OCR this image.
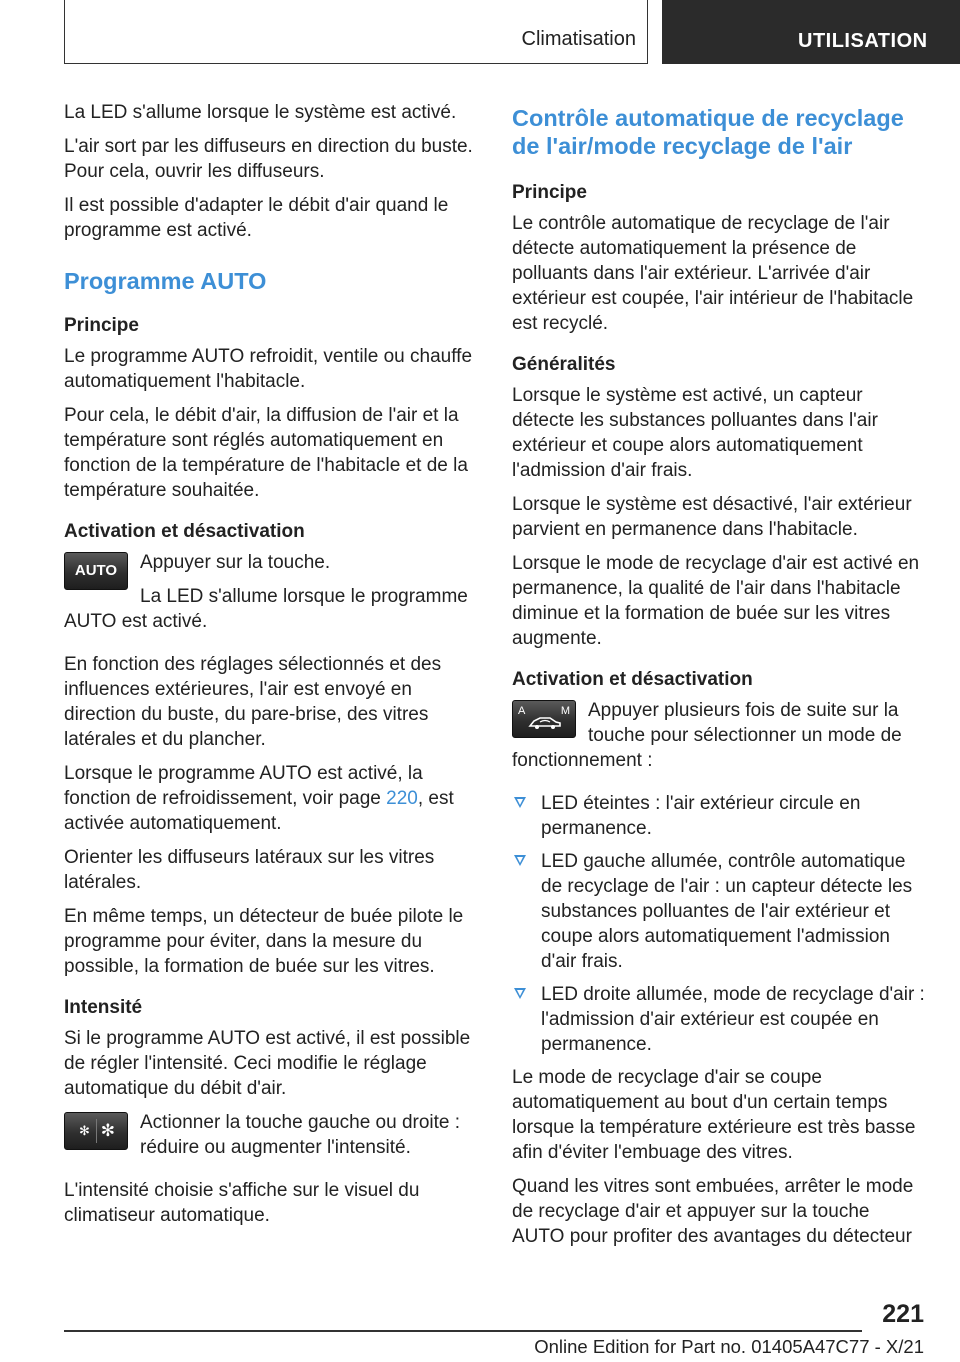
Climatisation	UTILISATION

La LED s'allume lorsque le système est activé.

L'air sort par les diffuseurs en direction du buste. Pour cela, ouvrir les diffuseurs.

Il est possible d'adapter le débit d'air quand le programme est activé.

Programme AUTO
Principe

Le programme AUTO refroidit, ventile ou chauffe automatiquement l'habitacle.

Pour cela, le débit d'air, la diffusion de l'air et la température sont réglés automatiquement en fonction de la température de l'habitacle et de la température souhaitée.

Activation et désactivation
AUTO	Appuyer sur la touche.

La LED s'allume lorsque le programme AUTO est activé.

En fonction des réglages sélectionnés et des influences extérieures, l'air est envoyé en direction du buste, du pare-brise, des vitres latérales et du plancher.

Lorsque le programme AUTO est activé, la fonction de refroidissement, voir page 220, est activée automatiquement.

Orienter les diffuseurs latéraux sur les vitres latérales.

En même temps, un détecteur de buée pilote le programme pour éviter, dans la mesure du possible, la formation de buée sur les vitres.

Intensité

Si le programme AUTO est activé, il est possible de régler l'intensité. Ceci modifie le réglage automatique du débit d'air.

✻ ✻	Actionner la touche gauche ou droite : réduire ou augmenter l'intensité.

L'intensité choisie s'affiche sur le visuel du climatiseur automatique.

Contrôle automatique de recyclage de l'air/mode recyclage de l'air
Principe

Le contrôle automatique de recyclage de l'air détecte automatiquement la présence de polluants dans l'air extérieur. L'arrivée d'air extérieur est coupée, l'air intérieur de l'habitacle est recyclé.

Généralités

Lorsque le système est activé, un capteur détecte les substances polluantes dans l'air extérieur et coupe alors automatiquement l'admission d'air frais.

Lorsque le système est désactivé, l'air extérieur parvient en permanence dans l'habitacle.

Lorsque le mode de recyclage d'air est activé en permanence, la qualité de l'air dans l'habitacle diminue et la formation de buée sur les vitres augmente.

Activation et désactivation
A	M Appuyer plusieurs fois de suite sur la touche pour sélectionner un mode de fonctionnement :

LED éteintes : l'air extérieur circule en permanence.
LED gauche allumée, contrôle automatique de recyclage de l'air : un capteur détecte les substances polluantes de l'air extérieur et coupe alors automatiquement l'admission d'air frais.
LED droite allumée, mode de recyclage d'air : l'admission d'air extérieur est coupée en permanence.

Le mode de recyclage d'air se coupe automatiquement au bout d'un certain temps lorsque la température extérieure est très basse afin d'éviter l'embuage des vitres.

Quand les vitres sont embuées, arrêter le mode de recyclage d'air et appuyer sur la touche AUTO pour profiter des avantages du détecteur

221
Online Edition for Part no. 01405A47C77 - X/21
